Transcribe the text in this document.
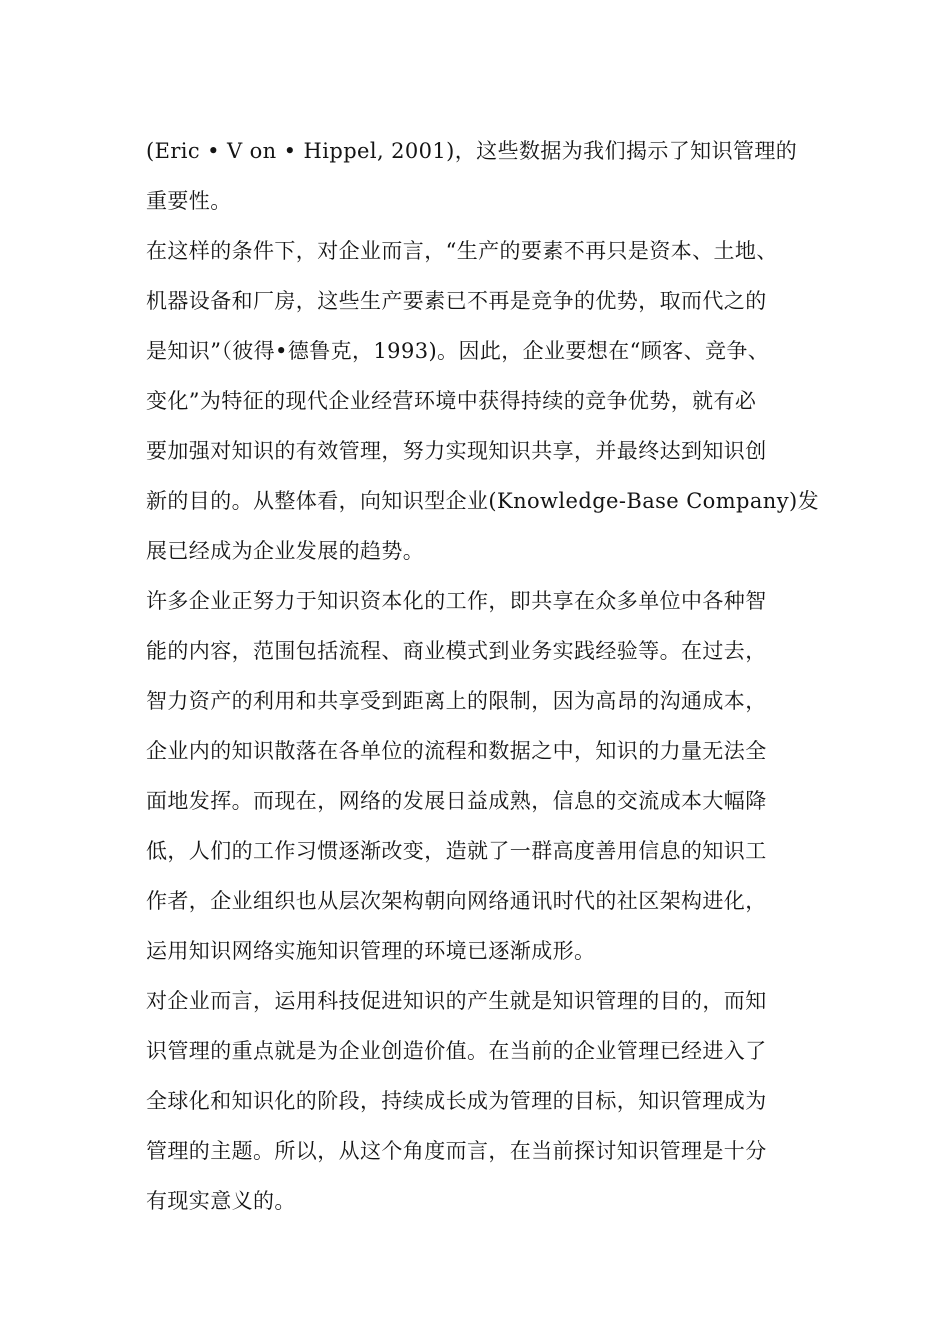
(Eric • V on • Hippel, 2001)，这些数据为我们揭示了知识管理的
重要性。
在这样的条件下，对企业而言，“生产的要素不再只是资本、土地、
机器设备和厂房，这些生产要素已不再是竞争的优势，取而代之的
是知识”（彼得•德鲁克，1993)。因此，企业要想在“顾客、竞争、
变化”为特征的现代企业经营环境中获得持续的竞争优势，就有必
要加强对知识的有效管理，努力实现知识共享，并最终达到知识创
新的目的。从整体看，向知识型企业(Knowledge-Base Company)发
展已经成为企业发展的趋势。
许多企业正努力于知识资本化的工作，即共享在众多单位中各种智
能的内容，范围包括流程、商业模式到业务实践经验等。在过去，
智力资产的利用和共享受到距离上的限制，因为高昂的沟通成本，
企业内的知识散落在各单位的流程和数据之中，知识的力量无法全
面地发挥。而现在，网络的发展日益成熟，信息的交流成本大幅降
低，人们的工作习惯逐渐改变，造就了一群高度善用信息的知识工
作者，企业组织也从层次架构朝向网络通讯时代的社区架构进化，
运用知识网络实施知识管理的环境已逐渐成形。
对企业而言，运用科技促进知识的产生就是知识管理的目的，而知
识管理的重点就是为企业创造价值。在当前的企业管理已经进入了
全球化和知识化的阶段，持续成长成为管理的目标，知识管理成为
管理的主题。所以，从这个角度而言，在当前探讨知识管理是十分
有现实意义的。
